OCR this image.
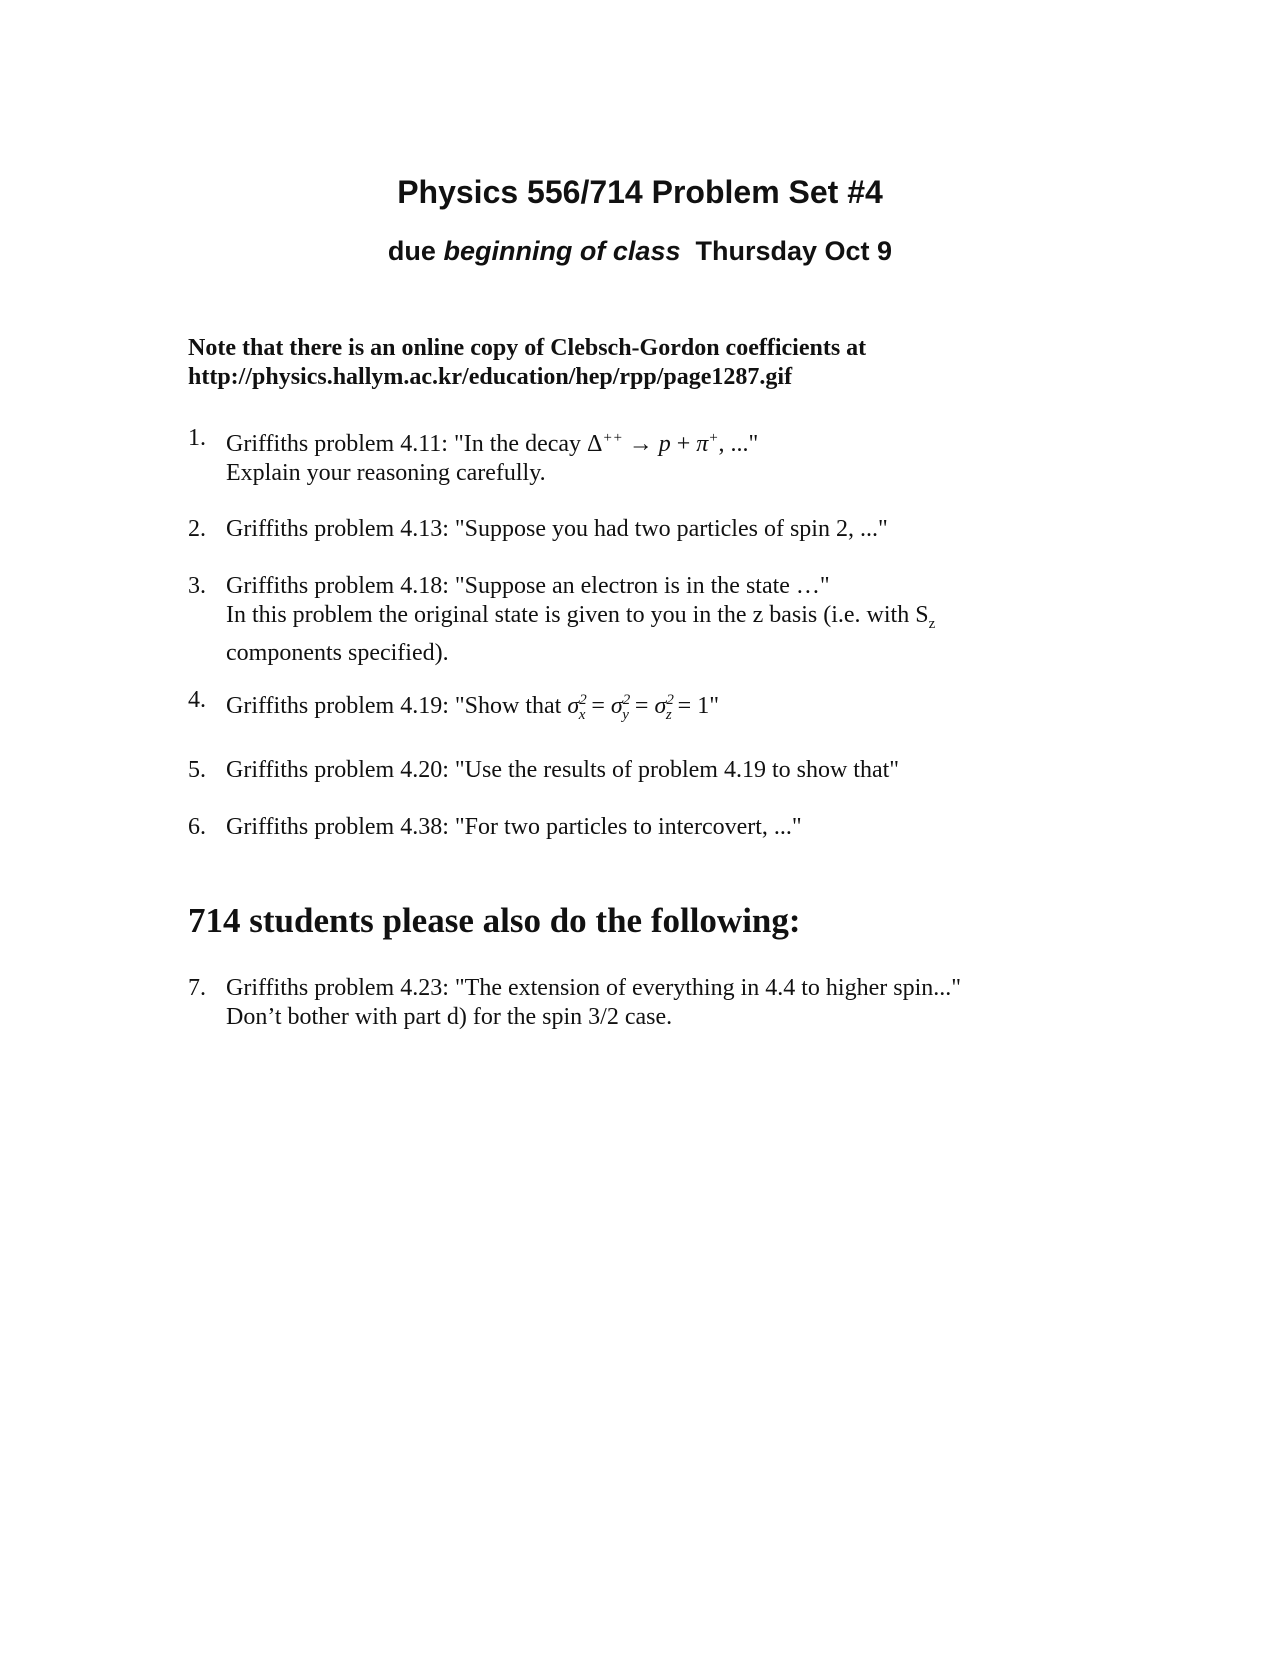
Physics 556/714 Problem Set #4

due beginning of class Thursday Oct 9

Note that there is an online copy of Clebsch-Gordon coefficients at
http://physics.hallym.ac.kr/education/hep/rpp/page1287.gif
1. Griffiths problem 4.11: "In the decay Δ++ → p + π+, ..."
Explain your reasoning carefully.
2. Griffiths problem 4.13: "Suppose you had two particles of spin 2, ..."
3. Griffiths problem 4.18: "Suppose an electron is in the state …"
In this problem the original state is given to you in the z basis (i.e. with $S_z$
components specified).
4. Griffiths problem 4.19: "Show that $\sigma^2_x = \sigma^2_y = \sigma^2_z = 1$"
5. Griffiths problem 4.20: "Use the results of problem 4.19 to show that"
6. Griffiths problem 4.38: "For two particles to intercovert, ..."
714 students please also do the following:
7. Griffiths problem 4.23: "The extension of everything in 4.4 to higher spin..."
Don’t bother with part d) for the spin 3/2 case.
